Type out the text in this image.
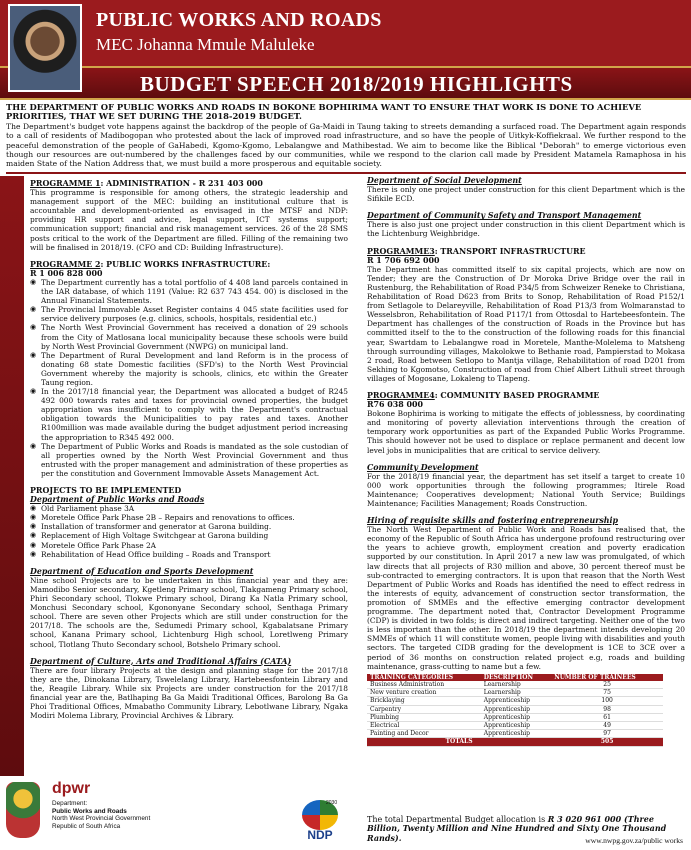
PUBLIC WORKS AND ROADS
MEC Johanna Mmule Maluleke
BUDGET SPEECH 2018/2019 HIGHLIGHTS
THE DEPARTMENT OF PUBLIC WORKS AND ROADS IN BOKONE BOPHIRIMA WANT TO ENSURE THAT WORK IS DONE TO ACHIEVE PRIORITIES, THAT WE SET DURING THE 2018-2019 BUDGET.

The Department's budget vote happens against the backdrop of the people of Ga-Maidi in Taung taking to streets demanding a surfaced road. The Department again responds to a call of residents of Madibogopan who protested about the lack of improved road infrastructure, and so have the people of Uitkyk-Koffiekraal. We further respond to the peaceful demonstration of the people of GaHabedi, Kgomo-Kgomo, Lebalangwe and Mathibestad. We aim to become like the Biblical "Deborah" to emerge victorious even though our resources are out-numbered by the challenges faced by our communities, while we respond to the clarion call made by President Matamela Ramaphosa in his maiden State of the Nation Address that, we must build a more prosperous and equitable society.

PROGRAMME 1: ADMINISTRATION - R 231 403 000

This programme is responsible for among others, the strategic leadership and management support of the MEC: building an institutional culture that is accountable and development-oriented as envisaged in the MTSF and NDP: providing HR support and advice, legal support, ICT systems support; communication support; financial and risk management services. 26 of the 28 SMS posts critical to the work of the Department are filled. Filling of the remaining two will be finalised in 2018/19. (CFO and CD: Building Infrastructure).

PROGRAMME 2: PUBLIC WORKS INFRASTRUCTURE:
R 1 006 828 000
◉ The Department currently has a total portfolio of 4 408 land parcels contained in the IAR database, of which 1191 (Value: R2 637 743 454. 00) is disclosed in the Annual Financial Statements.
◉ The Provincial Immovable Asset Register contains 4 045 state facilities used for service delivery purposes (e.g. clinics, schools, hospitals, residential etc.)
◉ The North West Provincial Government has received a donation of 29 schools from the City of Matlosana local municipality because these schools were build by North West Provincial Government (NWPG) on municipal land.
◉ The Department of Rural Development and land Reform is in the process of donating 68 state Domestic facilities (SFD's) to the North West Provincial Government whereby the majority is schools, clinics, etc within the Greater Taung region.
◉ In the 2017/18 financial year, the Department was allocated a budget of R245 492 000 towards rates and taxes for provincial owned properties, the budget appropriation was insufficient to comply with the Department's contractual obligation towards the Municipalities to pay rates and taxes. Another R100million was made available during the budget adjustment period increasing the appropriation to R345 492 000.
◉ The Department of Public Works and Roads is mandated as the sole custodian of all properties owned by the North West Provincial Government and thus entrusted with the proper management and administration of these properties as per the constitution and Government Immovable Assets Management Act.
PROJECTS TO BE IMPLEMENTED
Department of Public Works and Roads
◉ Old Parliament phase 3A
◉ Moretele Office Park Phase 2B – Repairs and renovations to offices.
◉ Installation of transformer and generator at Garona building.
◉ Replacement of High Voltage Switchgear at Garona building
◉ Moretele Office Park Phase 2A
◉ Rehabilitation of Head Office building – Roads and Transport
Department of Education and Sports Development

Nine school Projects are to be undertaken in this financial year and they are: Mamodibo Senior secondary, Kgetleng Primary school, Tlakgameng Primary school, Phiri Secondary school, Tlokwe Primary school, Dirang Ka Natla Primary school, Monchusi Secondary school, Kgononyane Secondary school, Senthaga Primary school. There are seven other Projects which are still under construction for the 2017/18. The schools are the, Sedumedi Primary school, Kgabalatsane Primary school, Kanana Primary school, Lichtenburg High school, Loretlweng Primary school, Tlotlang Thuto Secondary school, Botshelo Primary school.

Department of Culture, Arts and Traditional Affairs (CATA)

There are four library Projects at the design and planning stage for the 2017/18 they are the, Dinokana Library, Tswelelang Library, Hartebeesfontein Library and the, Reagile Library. While six Projects are under construction for the 2017/18 financial year are the, Batlhaping Ba Ga Maidi Traditional Offices, Barolong Ba Ga Phoi Traditional Offices, Mmabatho Community Library, Lebotlwane Library, Ngaka Modiri Molema Library, Provincial Archives & Library.

Department of Social Development

There is only one project under construction for this client Department which is the Sifikile ECD.

Department of Community Safety and Transport Management

There is also just one project under construction in this client Department which is the Lichtenburg Weighbridge.

PROGRAMME3: TRANSPORT INFRASTRUCTURE
R 1 706 692 000

The Department has committed itself to six capital projects, which are now on Tender; they are the Construction of Dr Moroka Drive Bridge over the rail in Rustenburg, the Rehabilitation of Road P34/5 from Schweizer Reneke to Christiana, Rehabilitation of Road D623 from Brits to Sonop, Rehabilitation of Road P152/1 from Setlagole to Delareyville, Rehabilitation of Road P13/3 from Wolmaranstad to Wesselsbron, Rehabilitation of Road P117/1 from Ottosdal to Hartebeesfontein. The Department has challenges of the construction of Roads in the Province but has committed itself to the to the construction of the following roads for this financial year, Swartdam to Lebalangwe road in Moretele, Manthe-Molelema to Matsheng through surrounding villages, Makolokwe to Bethanie road, Pampierstad to Mokasa 2 road, Road between Setlopo to Mantja village, Rehabilitation of road D201 from Sekhing to Kgomotso, Construction of road from Chief Albert Lithuli street through villages of Mogosane, Lokaleng to Tlapeng.

PROGRAMME4: COMMUNITY BASED PROGRAMME
R76 038 000

Bokone Bophirima is working to mitigate the effects of joblessness, by coordinating and monitoring of poverty alleviation interventions through the creation of temporary work opportunities as part of the Expanded Public Works Programme. This should however not be used to displace or replace permanent and decent low level jobs in municipalities that are critical to service delivery.

Community Development

For the 2018/19 financial year, the department has set itself a target to create 10 000 work opportunities through the following programmes; Itirele Road Maintenance; Cooperatives development; National Youth Service; Buildings Maintenance; Facilities Management; Roads Construction.

Hiring of requisite skills and fostering entrepreneurship

The North West Department of Public Work and Roads has realised that, the economy of the Republic of South Africa has undergone profound restructuring over the years to achieve growth, employment creation and poverty eradication supported by our constitution. In April 2017 a new law was promulgated, of which law directs that all projects of R30 million and above, 30 percent thereof must be sub-contracted to emerging contractors. It is upon that reason that the North West Department of Public Works and Roads has identified the need to effect redress in the interests of equity, advancement of construction sector transformation, the promotion of SMMEs and the effective emerging contractor development programme. The department noted that, Contractor Development Programme (CDP) is divided in two folds; is direct and indirect targeting. Neither one of the two is less important than the other. In 2018/19 the department intends developing 20 SMMEs of which 11 will constitute women, people living with disabilities and youth sectors. The targeted CIDB grading for the development is 1CE to 3CE over a period of 36 months on construction related project e.g, roads and building maintenance, grass-cutting to name but a few.

TRAINING CATEGORIES	DESCRIPTION	NUMBER OF TRAINEES
Business Administration	Learnership	25
New venture creation	Learnership	75
Bricklaying	Apprenticeship	100
Carpentry	Apprenticeship	98
Plumbing	Apprenticeship	61
Electrical	Apprenticeship	49
Painting and Decor	Apprenticeship	97
TOTALS		505
The total Departmental Budget allocation is R 3 020 961 000 (Three Billion, Twenty Million and Nine Hundred and Sixty One Thousand Rands).	www.nwpg.gov.za/public works
dpwr
Department:
Public Works and Roads
North West Provincial Government
Republic of South Africa
2030
NDP
